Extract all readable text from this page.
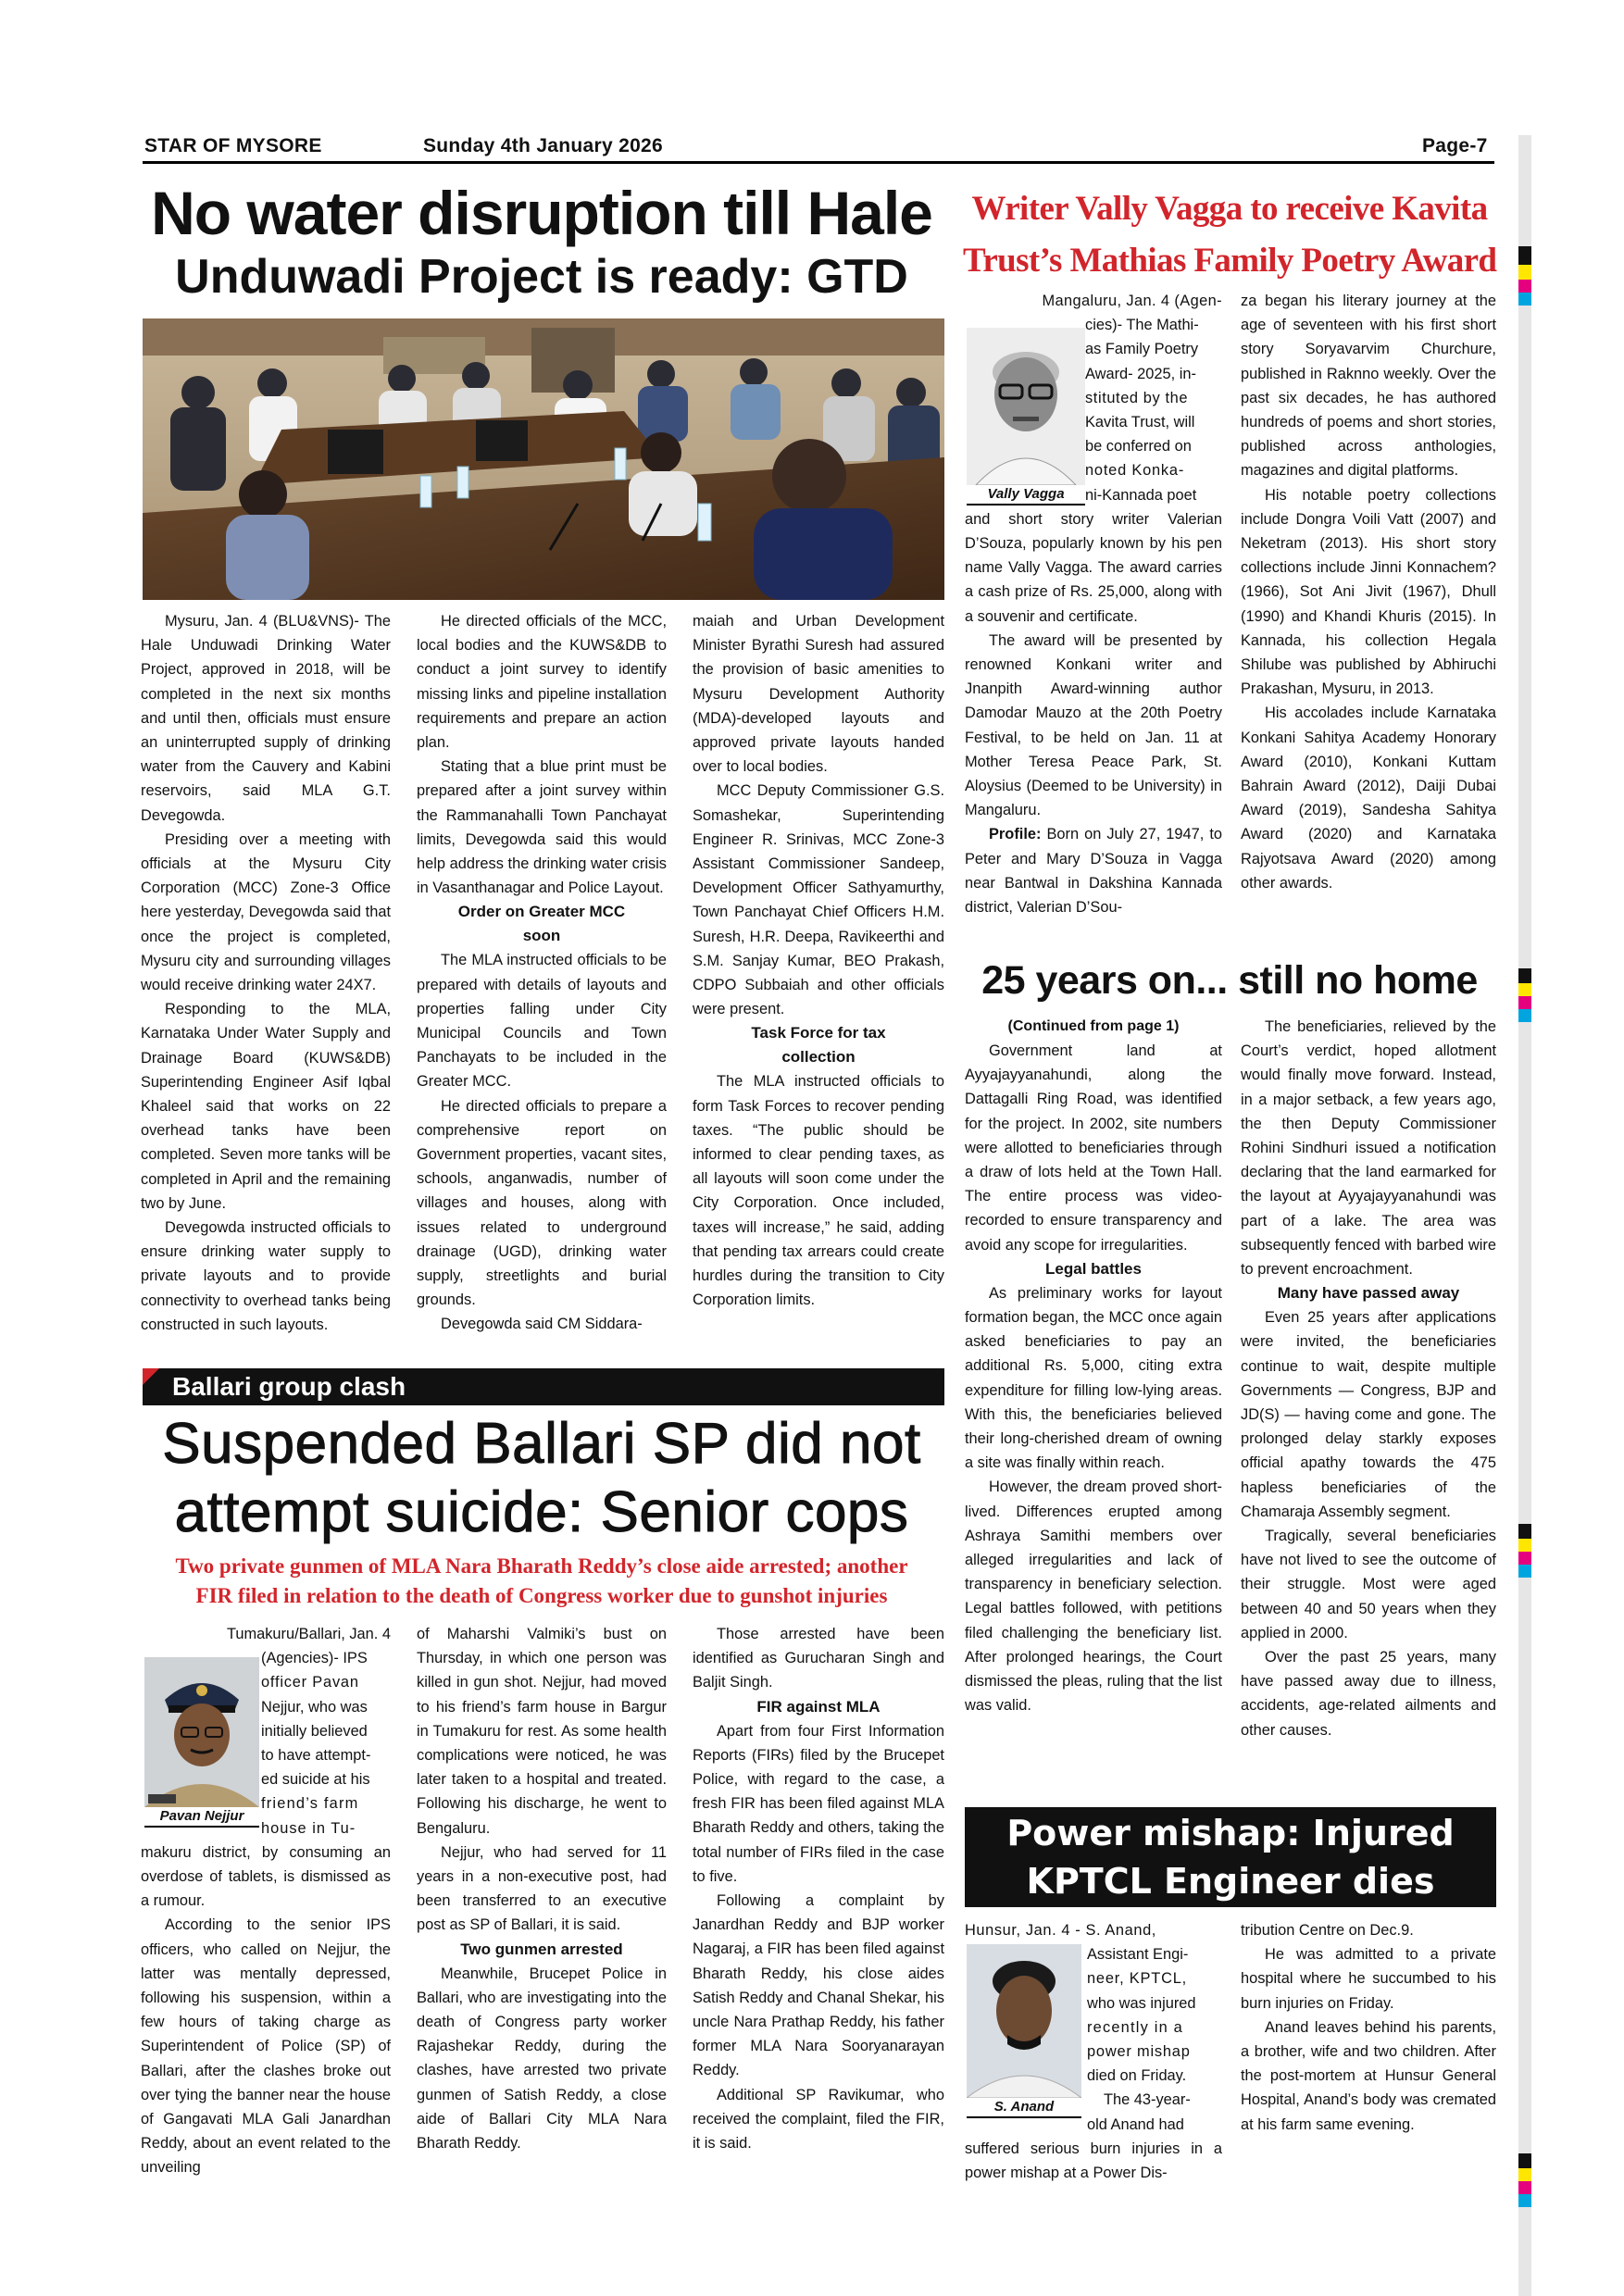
STAR OF MYSORE	Sunday 4th January 2026	Page-7
No water disruption till Hale
Unduwadi Project is ready: GTD

Mysuru, Jan. 4 (BLU&VNS)- The Hale Unduwadi Drinking Water Project, approved in 2018, will be completed in the next six months and until then, officials must ensure an uninterrupted supply of drinking water from the Cauvery and Kabini reservoirs, said MLA G.T. Devegowda.

Presiding over a meeting with officials at the Mysuru City Corporation (MCC) Zone-3 Office here yesterday, Devegowda said that once the project is completed, Mysuru city and surrounding villages would receive drinking water 24X7.

Responding to the MLA, Karnataka Under Water Supply and Drainage Board (KUWS&DB) Superintending Engineer Asif Iqbal Khaleel said that works on 22 overhead tanks have been completed. Seven more tanks will be completed in April and the remaining two by June.

Devegowda instructed officials to ensure drinking water supply to private layouts and to provide connectivity to overhead tanks being constructed in such layouts.

He directed officials of the MCC, local bodies and the KUWS&DB to conduct a joint survey to identify missing links and pipeline installation requirements and prepare an action plan.

Stating that a blue print must be prepared after a joint survey within the Rammanahalli Town Panchayat limits, Devegowda said this would help address the drinking water crisis in Vasanthanagar and Police Layout.

Order on Greater MCC soon

The MLA instructed officials to be prepared with details of layouts and properties falling under City Municipal Councils and Town Panchayats to be included in the Greater MCC.

He directed officials to prepare a comprehensive report on Government properties, vacant sites, schools, anganwadis, number of villages and houses, along with issues related to underground drainage (UGD), drinking water supply, streetlights and burial grounds.

Devegowda said CM Siddara-

maiah and Urban Development Minister Byrathi Suresh had assured the provision of basic amenities to Mysuru Development Authority (MDA)-developed layouts and approved private layouts handed over to local bodies.

MCC Deputy Commissioner G.S. Somashekar, Superintending Engineer R. Srinivas, MCC Zone-3 Assistant Commissioner Sandeep, Development Officer Sathyamurthy, Town Panchayat Chief Officers H.M. Suresh, H.R. Deepa, Ravikeerthi and S.M. Sanjay Kumar, BEO Prakash, CDPO Subbaiah and other officials were present.

Task Force for tax collection

The MLA instructed officials to form Task Forces to recover pending taxes. “The public should be informed to clear pending taxes, as all layouts will soon come under the City Corporation. Once included, taxes will increase,” he said, adding that pending tax arrears could create hurdles during the transition to City Corporation limits.

Writer Vally Vagga to receive Kavita
Trust’s Mathias Family Poetry Award
Vally Vagga

Mangaluru, Jan. 4 (Agen-

cies)- The Mathi-

as Family Poetry

Award- 2025, in-

stituted by the

Kavita Trust, will

be conferred on

noted Konka-

ni-Kannada poet

and short story writer Valerian D’Souza, popularly known by his pen name Vally Vagga. The award carries a cash prize of Rs. 25,000, along with a souvenir and certificate.

The award will be presented by renowned Konkani writer and Jnanpith Award-winning author Damodar Mauzo at the 20th Poetry Festival, to be held on Jan. 11 at Mother Teresa Peace Park, St. Aloysius (Deemed to be University) in Mangaluru.

Profile: Born on July 27, 1947, to Peter and Mary D’Souza in Vagga near Bantwal in Dakshina Kannada district, Valerian D’Sou-

za began his literary journey at the age of seventeen with his first short story Soryavarvim Churchure, published in Raknno weekly. Over the past six decades, he has authored hundreds of poems and short stories, published across anthologies, magazines and digital platforms.

His notable poetry collections include Dongra Voili Vatt (2007) and Neketram (2013). His short story collections include Jinni Konnachem? (1966), Sot Ani Jivit (1967), Dhull (1990) and Khandi Khuris (2015). In Kannada, his collection Hegala Shilube was published by Abhiruchi Prakashan, Mysuru, in 2013.

His accolades include Karnataka Konkani Sahitya Academy Honorary Award (2010), Konkani Kuttam Bahrain Award (2012), Daiji Dubai Award (2019), Sandesha Sahitya Award (2020) and Karnataka Rajyotsava Award (2020) among other awards.

25 years on... still no home
(Continued from page 1)

Government land at Ayyajayyanahundi, along the Dattagalli Ring Road, was identified for the project. In 2002, site numbers were allotted to beneficiaries through a draw of lots held at the Town Hall. The entire process was video-recorded to ensure transparency and avoid any scope for irregularities.

Legal battles

As preliminary works for layout formation began, the MCC once again asked beneficiaries to pay an additional Rs. 5,000, citing extra expenditure for filling low-lying areas. With this, the beneficiaries believed their long-cherished dream of owning a site was finally within reach.

However, the dream proved short-lived. Differences erupted among Ashraya Samithi members over alleged irregularities and lack of transparency in beneficiary selection. Legal battles followed, with petitions filed challenging the beneficiary list. After prolonged hearings, the Court dismissed the pleas, ruling that the list was valid.

The beneficiaries, relieved by the Court’s verdict, hoped allotment would finally move forward. Instead, in a major setback, a few years ago, the then Deputy Commissioner Rohini Sindhuri issued a notification declaring that the land earmarked for the layout at Ayyajayyanahundi was part of a lake. The area was subsequently fenced with barbed wire to prevent encroachment.

Many have passed away

Even 25 years after applications were invited, the beneficiaries continue to wait, despite multiple Governments — Congress, BJP and JD(S) — having come and gone. The prolonged delay starkly exposes official apathy towards the 475 hapless beneficiaries of the Chamaraja Assembly segment.

Tragically, several beneficiaries have not lived to see the outcome of their struggle. Most were aged between 40 and 50 years when they applied in 2000.

Over the past 25 years, many have passed away due to illness, accidents, age-related ailments and other causes.

Ballari group clash
Suspended Ballari SP did not
attempt suicide: Senior cops
Two private gunmen of MLA Nara Bharath Reddy’s close aide arrested; another
FIR filed in relation to the death of Congress worker due to gunshot injuries
Pavan Nejjur

Tumakuru/Ballari, Jan. 4

(Agencies)- IPS

officer Pavan

Nejjur, who was

initially believed

to have attempt-

ed suicide at his

friend’s farm

house in Tu-

makuru district, by consuming an overdose of tablets, is dismissed as a rumour.

According to the senior IPS officers, who called on Nejjur, the latter was mentally depressed, following his suspension, within a few hours of taking charge as Superintendent of Police (SP) of Ballari, after the clashes broke out over tying the banner near the house of Gangavati MLA Gali Janardhan Reddy, about an event related to the unveiling

of Maharshi Valmiki’s bust on Thursday, in which one person was killed in gun shot. Nejjur, had moved to his friend’s farm house in Bargur in Tumakuru for rest. As some health complications were noticed, he was later taken to a hospital and treated. Following his discharge, he went to Bengaluru.

Nejjur, who had served for 11 years in a non-executive post, had been transferred to an executive post as SP of Ballari, it is said.

Two gunmen arrested

Meanwhile, Brucepet Police in Ballari, who are investigating into the death of Congress party worker Rajashekar Reddy, during the clashes, have arrested two private gunmen of Satish Reddy, a close aide of Ballari City MLA Nara Bharath Reddy.

Those arrested have been identified as Gurucharan Singh and Baljit Singh.

FIR against MLA

Apart from four First Information Reports (FIRs) filed by the Brucepet Police, with regard to the case, a fresh FIR has been filed against MLA Bharath Reddy and others, taking the total number of FIRs filed in the case to five.

Following a complaint by Janardhan Reddy and BJP worker Nagaraj, a FIR has been filed against Bharath Reddy, his close aides Satish Reddy and Chanal Shekar, his uncle Nara Prathap Reddy, his father former MLA Nara Sooryanarayan Reddy.

Additional SP Ravikumar, who received the complaint, filed the FIR, it is said.

Power mishap: Injured
KPTCL Engineer dies
S. Anand

Hunsur, Jan. 4 - S. Anand,

Assistant Engi-

neer, KPTCL,

who was injured

recently in a

power mishap

died on Friday.

The 43-year-

old Anand had

suffered serious burn injuries in a power mishap at a Power Dis-

tribution Centre on Dec.9.

He was admitted to a private hospital where he succumbed to his burn injuries on Friday.

Anand leaves behind his parents, a brother, wife and two children. After the post-mortem at Hunsur General Hospital, Anand’s body was cremated at his farm same evening.
